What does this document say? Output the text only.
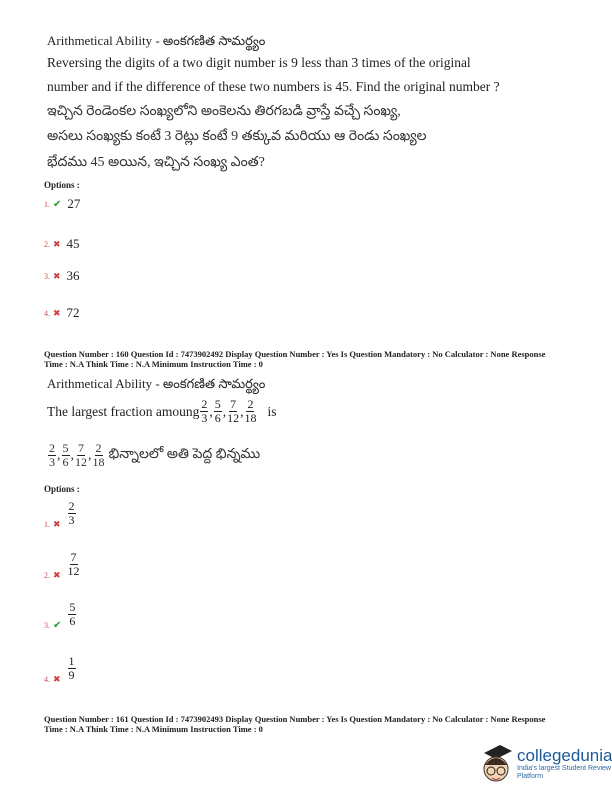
Arithmetical Ability - అంకగణిత సామర్థ్యం
Reversing the digits of a two digit number is 9 less than 3 times of the original
number and if the difference of these two numbers is 45. Find the original number ?
ఇచ్చిన రెండెంకల సంఖ్యలోని అంకెలను తిరగబడి వ్రాస్తే వచ్చే సంఖ్య,
అసలు సంఖ్యకు కంటే 3 రెట్లు కంటే 9 తక్కువ మరియు ఆ రెండు సంఖ్యల
భేదము 45 అయిన, ఇచ్చిన సంఖ్య ఎంత?
Options :
1. ✔ 27
2. ✖ 45
3. ✖ 36
4. ✖ 72
Question Number : 160 Question Id : 7473902492 Display Question Number : Yes Is Question Mandatory : No Calculator : None Response
Time : N.A Think Time : N.A Minimum Instruction Time : 0
Arithmetical Ability - అంకగణిత సామర్థ్యం
The largest fraction amoung $\frac{2}{3}$ , $\frac{5}{6}$ , $\frac{7}{12}$ , $\frac{2}{18}$ is
$\frac{2}{3}$ , $\frac{5}{6}$ , $\frac{7}{12}$ , $\frac{2}{18}$ భిన్నాలలో అతి పెద్ద భిన్నము
Options :
1. ✖ $\frac{2}{3}$
2. ✖ $\frac{7}{12}$
3. ✔ $\frac{5}{6}$
4. ✖ $\frac{1}{9}$
Question Number : 161 Question Id : 7473902493 Display Question Number : Yes Is Question Mandatory : No Calculator : None Response
Time : N.A Think Time : N.A Minimum Instruction Time : 0
collegedunia
India's largest Student Review Platform
